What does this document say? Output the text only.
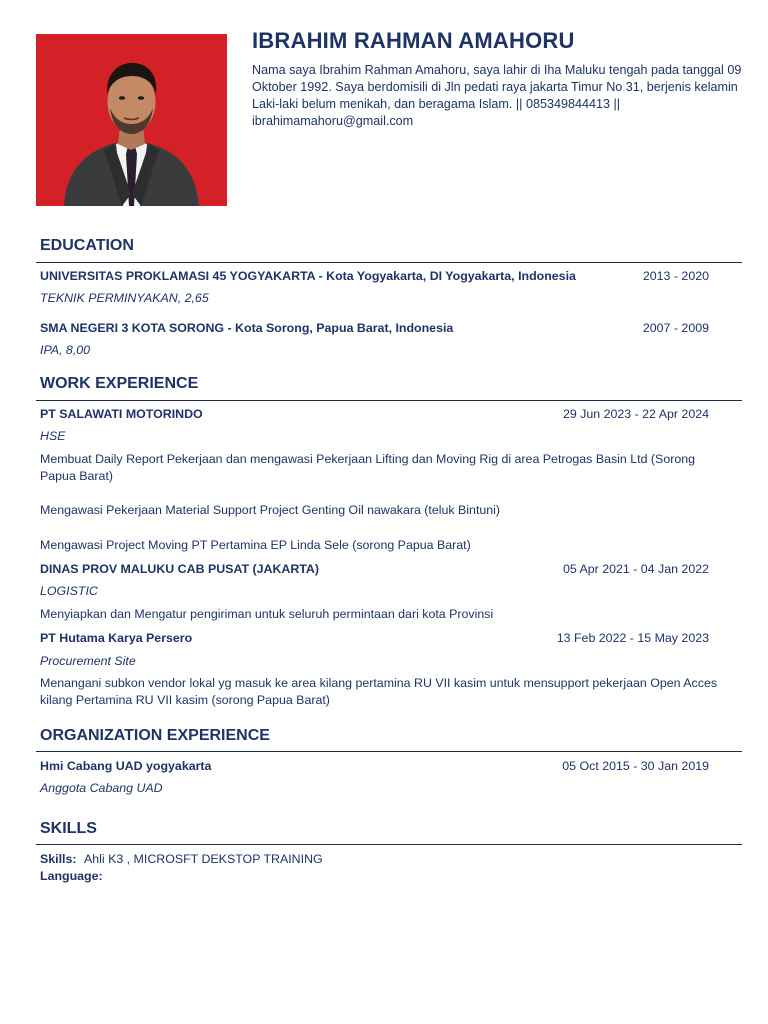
IBRAHIM RAHMAN AMAHORU
Nama saya Ibrahim Rahman Amahoru, saya lahir di Iha Maluku tengah pada tanggal 09 Oktober 1992. Saya berdomisili di Jln pedati raya jakarta Timur No 31, berjenis kelamin Laki-laki belum menikah, dan beragama Islam. || 085349844413 || ibrahimamahoru@gmail.com
EDUCATION
UNIVERSITAS PROKLAMASI 45 YOGYAKARTA - Kota Yogyakarta, DI Yogyakarta, Indonesia	2013 - 2020
TEKNIK PERMINYAKAN, 2,65
SMA NEGERI 3 KOTA SORONG - Kota Sorong, Papua Barat, Indonesia	2007 - 2009
IPA, 8,00
WORK EXPERIENCE
PT SALAWATI MOTORINDO	29 Jun 2023 - 22 Apr 2024
HSE
Membuat Daily Report Pekerjaan dan mengawasi Pekerjaan Lifting dan Moving Rig di area Petrogas Basin Ltd (Sorong Papua Barat)
Mengawasi Pekerjaan Material Support Project Genting Oil nawakara (teluk Bintuni)
Mengawasi Project Moving PT Pertamina EP Linda Sele (sorong Papua Barat)
DINAS PROV MALUKU CAB PUSAT (JAKARTA)	05 Apr 2021 - 04 Jan 2022
LOGISTIC
Menyiapkan dan Mengatur pengiriman untuk seluruh permintaan dari kota Provinsi
PT Hutama Karya Persero	13 Feb 2022 - 15 May 2023
Procurement Site
Menangani subkon vendor lokal yg masuk ke area kilang pertamina RU VII kasim untuk mensupport pekerjaan Open Acces kilang Pertamina RU VII kasim (sorong Papua Barat)
ORGANIZATION EXPERIENCE
Hmi Cabang UAD yogyakarta	05 Oct 2015 - 30 Jan 2019
Anggota Cabang UAD
SKILLS
Skills: Ahli K3 , MICROSFT DEKSTOP TRAINING
Language:
